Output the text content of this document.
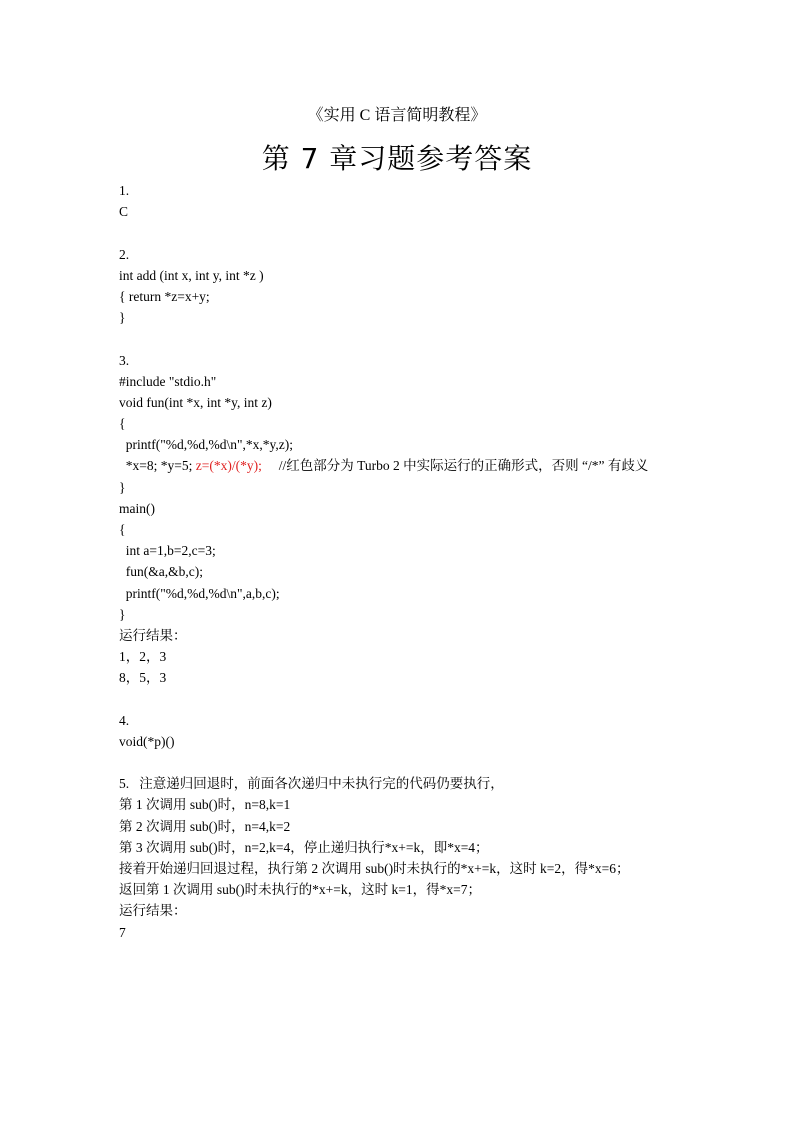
《实用 C 语言简明教程》
第 7 章习题参考答案
1.
C
2.
int add (int x, int y, int *z )
{ return *z=x+y;
}
3.
#include "stdio.h"
void fun(int *x, int *y, int z)
{
printf("%d,%d,%d\n",*x,*y,z);
*x=8; *y=5; z=(*x)/(*y);     //红色部分为 Turbo 2 中实际运行的正确形式，否则 “/*” 有歧义
}
main()
{
int a=1,b=2,c=3;
fun(&a,&b,c);
printf("%d,%d,%d\n",a,b,c);
}
运行结果：
1，2，3
8，5，3
4.
void(*p)()
5.   注意递归回退时，前面各次递归中未执行完的代码仍要执行，
第 1 次调用 sub()时，n=8,k=1
第 2 次调用 sub()时，n=4,k=2
第 3 次调用 sub()时，n=2,k=4，停止递归执行*x+=k，即*x=4；
接着开始递归回退过程，执行第 2 次调用 sub()时未执行的*x+=k，这时 k=2，得*x=6；
返回第 1 次调用 sub()时未执行的*x+=k，这时 k=1，得*x=7；
运行结果：
7
